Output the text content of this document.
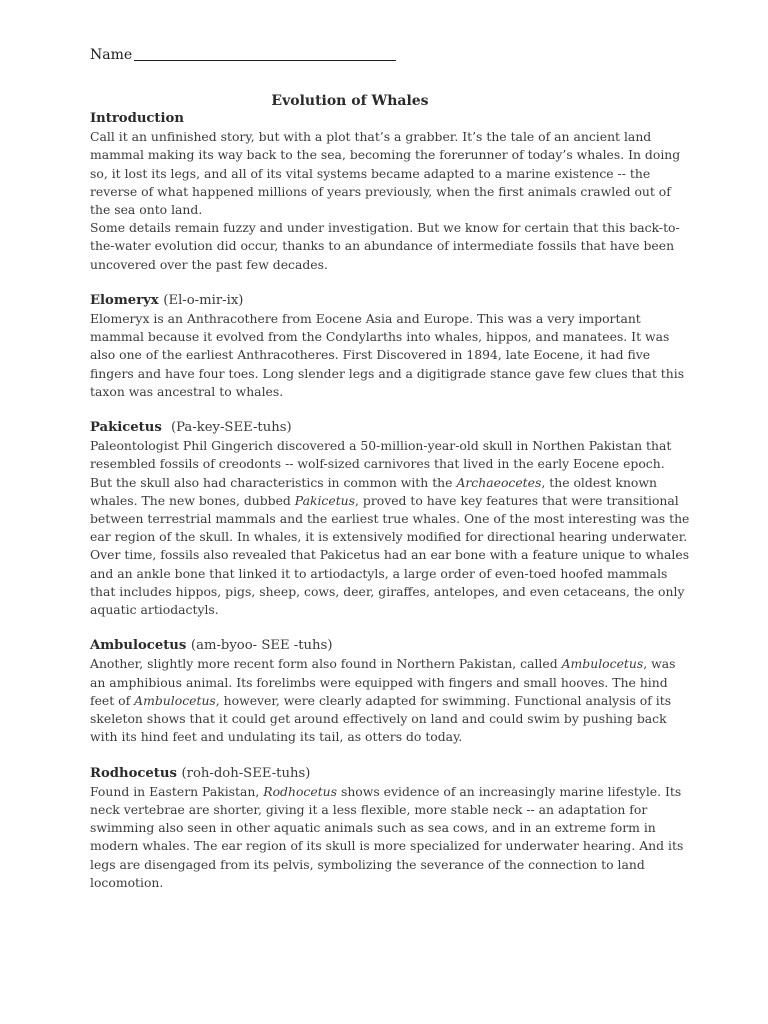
Name
Evolution of Whales
Introduction

Call it an unfinished story, but with a plot that’s a grabber. It’s the tale of an ancient land mammal making its way back to the sea, becoming the forerunner of today’s whales. In doing so, it lost its legs, and all of its vital systems became adapted to a marine existence -- the reverse of what happened millions of years previously, when the first animals crawled out of the sea onto land.

Some details remain fuzzy and under investigation. But we know for certain that this back-to-the-water evolution did occur, thanks to an abundance of intermediate fossils that have been uncovered over the past few decades.

Elomeryx (El-o-mir-ix)

Elomeryx is an Anthracothere from Eocene Asia and Europe. This was a very important mammal because it evolved from the Condylarths into whales, hippos, and manatees. It was also one of the earliest Anthracotheres. First Discovered in 1894, late Eocene, it had five fingers and have four toes. Long slender legs and a digitigrade stance gave few clues that this taxon was ancestral to whales.

Pakicetus (Pa-key-SEE-tuhs)

Paleontologist Phil Gingerich discovered a 50-million-year-old skull in Northen Pakistan that resembled fossils of creodonts -- wolf-sized carnivores that lived in the early Eocene epoch. But the skull also had characteristics in common with the Archaeocetes, the oldest known whales. The new bones, dubbed Pakicetus, proved to have key features that were transitional between terrestrial mammals and the earliest true whales. One of the most interesting was the ear region of the skull. In whales, it is extensively modified for directional hearing underwater.

Over time, fossils also revealed that Pakicetus had an ear bone with a feature unique to whales and an ankle bone that linked it to artiodactyls, a large order of even-toed hoofed mammals that includes hippos, pigs, sheep, cows, deer, giraffes, antelopes, and even cetaceans, the only aquatic artiodactyls.

Ambulocetus (am-byoo- SEE -tuhs)

Another, slightly more recent form also found in Northern Pakistan, called Ambulocetus, was an amphibious animal. Its forelimbs were equipped with fingers and small hooves. The hind feet of Ambulocetus, however, were clearly adapted for swimming. Functional analysis of its skeleton shows that it could get around effectively on land and could swim by pushing back with its hind feet and undulating its tail, as otters do today.

Rodhocetus (roh-doh-SEE-tuhs)

Found in Eastern Pakistan, Rodhocetus shows evidence of an increasingly marine lifestyle. Its neck vertebrae are shorter, giving it a less flexible, more stable neck -- an adaptation for swimming also seen in other aquatic animals such as sea cows, and in an extreme form in modern whales. The ear region of its skull is more specialized for underwater hearing. And its legs are disengaged from its pelvis, symbolizing the severance of the connection to land locomotion.
